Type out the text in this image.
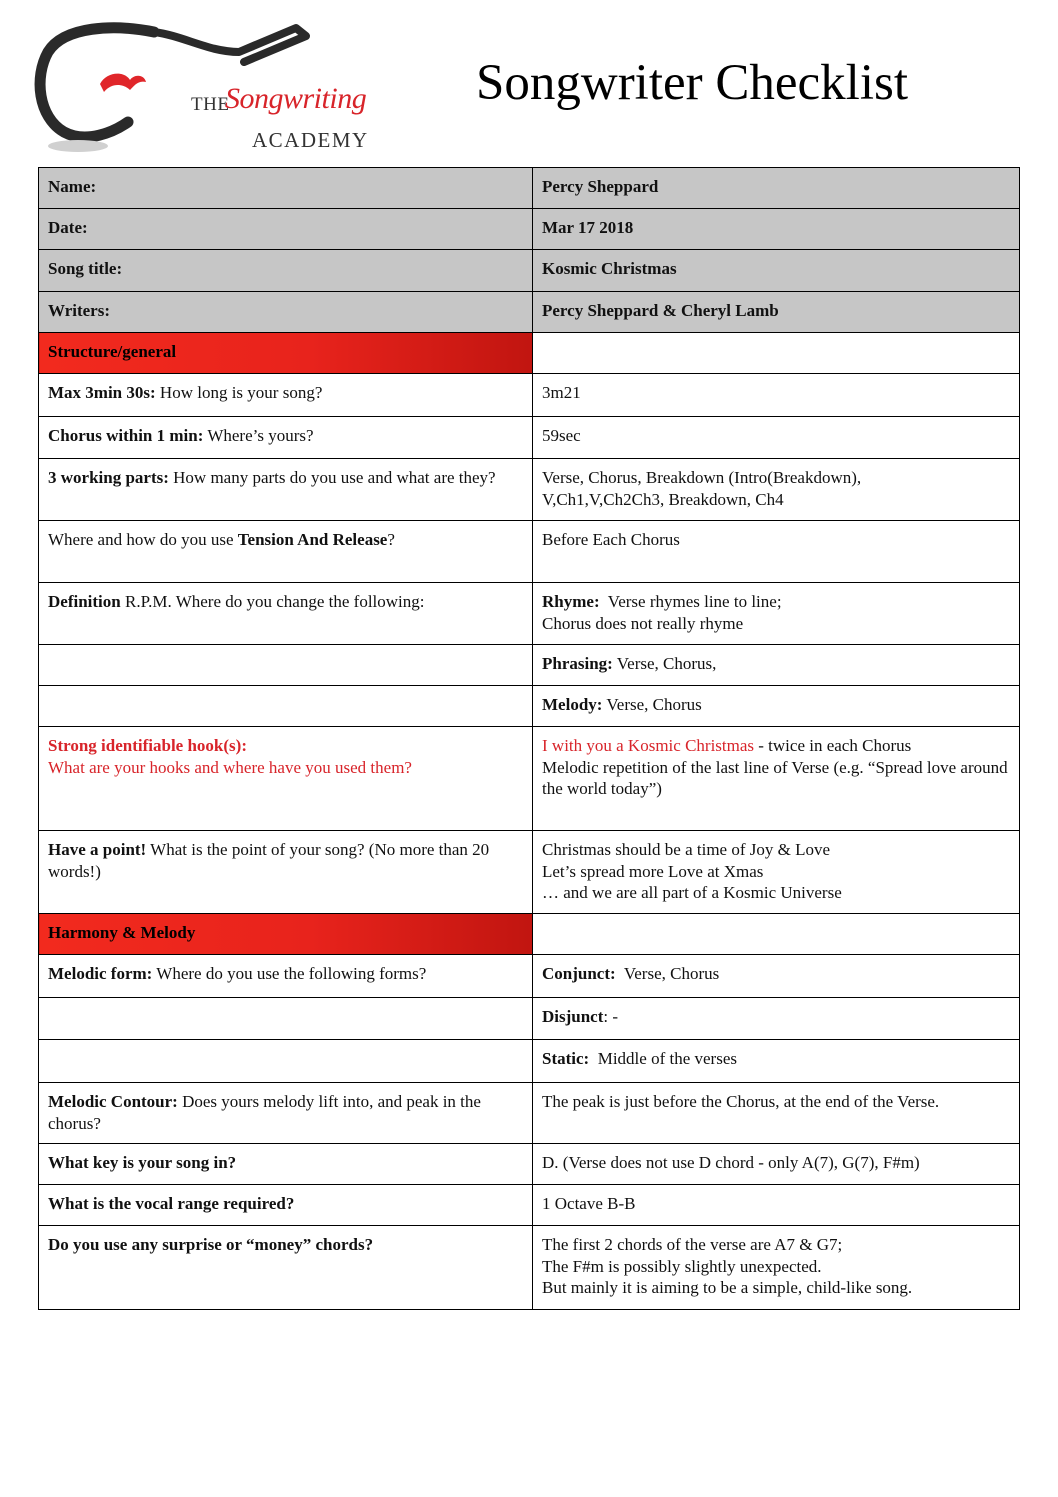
THE
Songwriting
ACADEMY
Songwriter Checklist
Name:	Percy Sheppard
Date:	Mar 17 2018
Song title:	Kosmic Christmas
Writers:	Percy Sheppard & Cheryl Lamb
Structure/general	
Max 3min 30s: How long is your song?	3m21
Chorus within 1 min: Where’s yours?	59sec
3 working parts: How many parts do you use and what are they?	Verse, Chorus, Breakdown (Intro(Breakdown),
V,Ch1,V,Ch2Ch3, Breakdown, Ch4

Where and how do you use Tension And Release?	Before Each Chorus
Definition R.P.M. Where do you change the following:	Rhyme:  Verse rhymes line to line;
Chorus does not really rhyme

	Phrasing: Verse, Chorus,
	Melody: Verse, Chorus

Strong identifiable hook(s):
What are your hooks and where have you used them?	I with you a Kosmic Christmas - twice in each Chorus
Melodic repetition of the last line of Verse (e.g. “Spread love around the world today”)

Have a point! What is the point of your song? (No more than 20 words!)	Christmas should be a time of Joy & Love
Let’s spread more Love at Xmas
… and we are all part of a Kosmic Universe

Harmony & Melody	
Melodic form: Where do you use the following forms?	Conjunct:  Verse, Chorus
	Disjunct: -
	Static:  Middle of the verses
Melodic Contour: Does yours melody lift into, and peak in the chorus?	The peak is just before the Chorus, at the end of the Verse.
What key is your song in?	D. (Verse does not use D chord - only A(7), G(7), F#m)
What is the vocal range required?	1 Octave B-B
Do you use any surprise or “money” chords?	The first 2 chords of the verse are A7 & G7;
The F#m is possibly slightly unexpected.
But mainly it is aiming to be a simple, child-like song.
